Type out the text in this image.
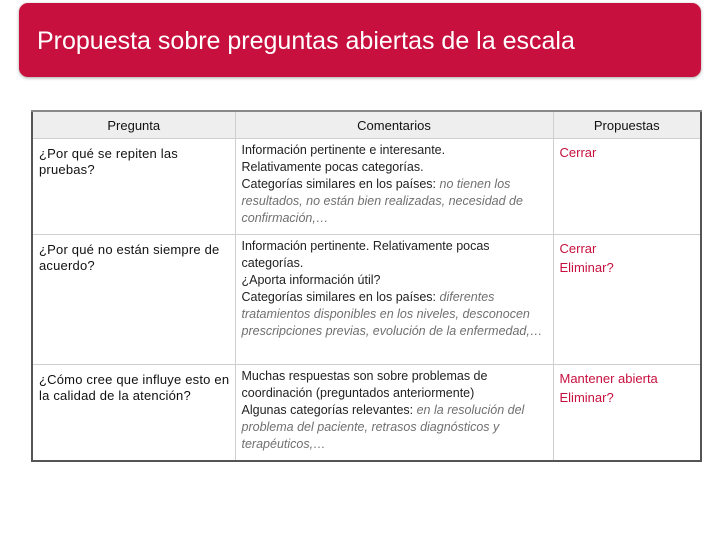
Propuesta sobre preguntas abiertas de la escala
Pregunta	Comentarios	Propuestas
¿Por qué se repiten las pruebas?	Información pertinente e interesante.
Relativamente pocas categorías.
Categorías similares en los países: no tienen los resultados, no están bien realizadas, necesidad de confirmación,…	Cerrar

¿Por qué no están siempre de acuerdo?	Información pertinente. Relativamente pocas categorías.
¿Aporta información útil?
Categorías similares en los países: diferentes tratamientos disponibles en los niveles, desconocen prescripciones previas, evolución de la enfermedad,…	Cerrar
Eliminar?

¿Cómo cree que influye esto en la calidad de la atención?	Muchas respuestas son sobre problemas de coordinación (preguntados anteriormente)
Algunas categorías relevantes: en la resolución del problema del paciente, retrasos diagnósticos y terapéuticos,…	Mantener abierta
Eliminar?
